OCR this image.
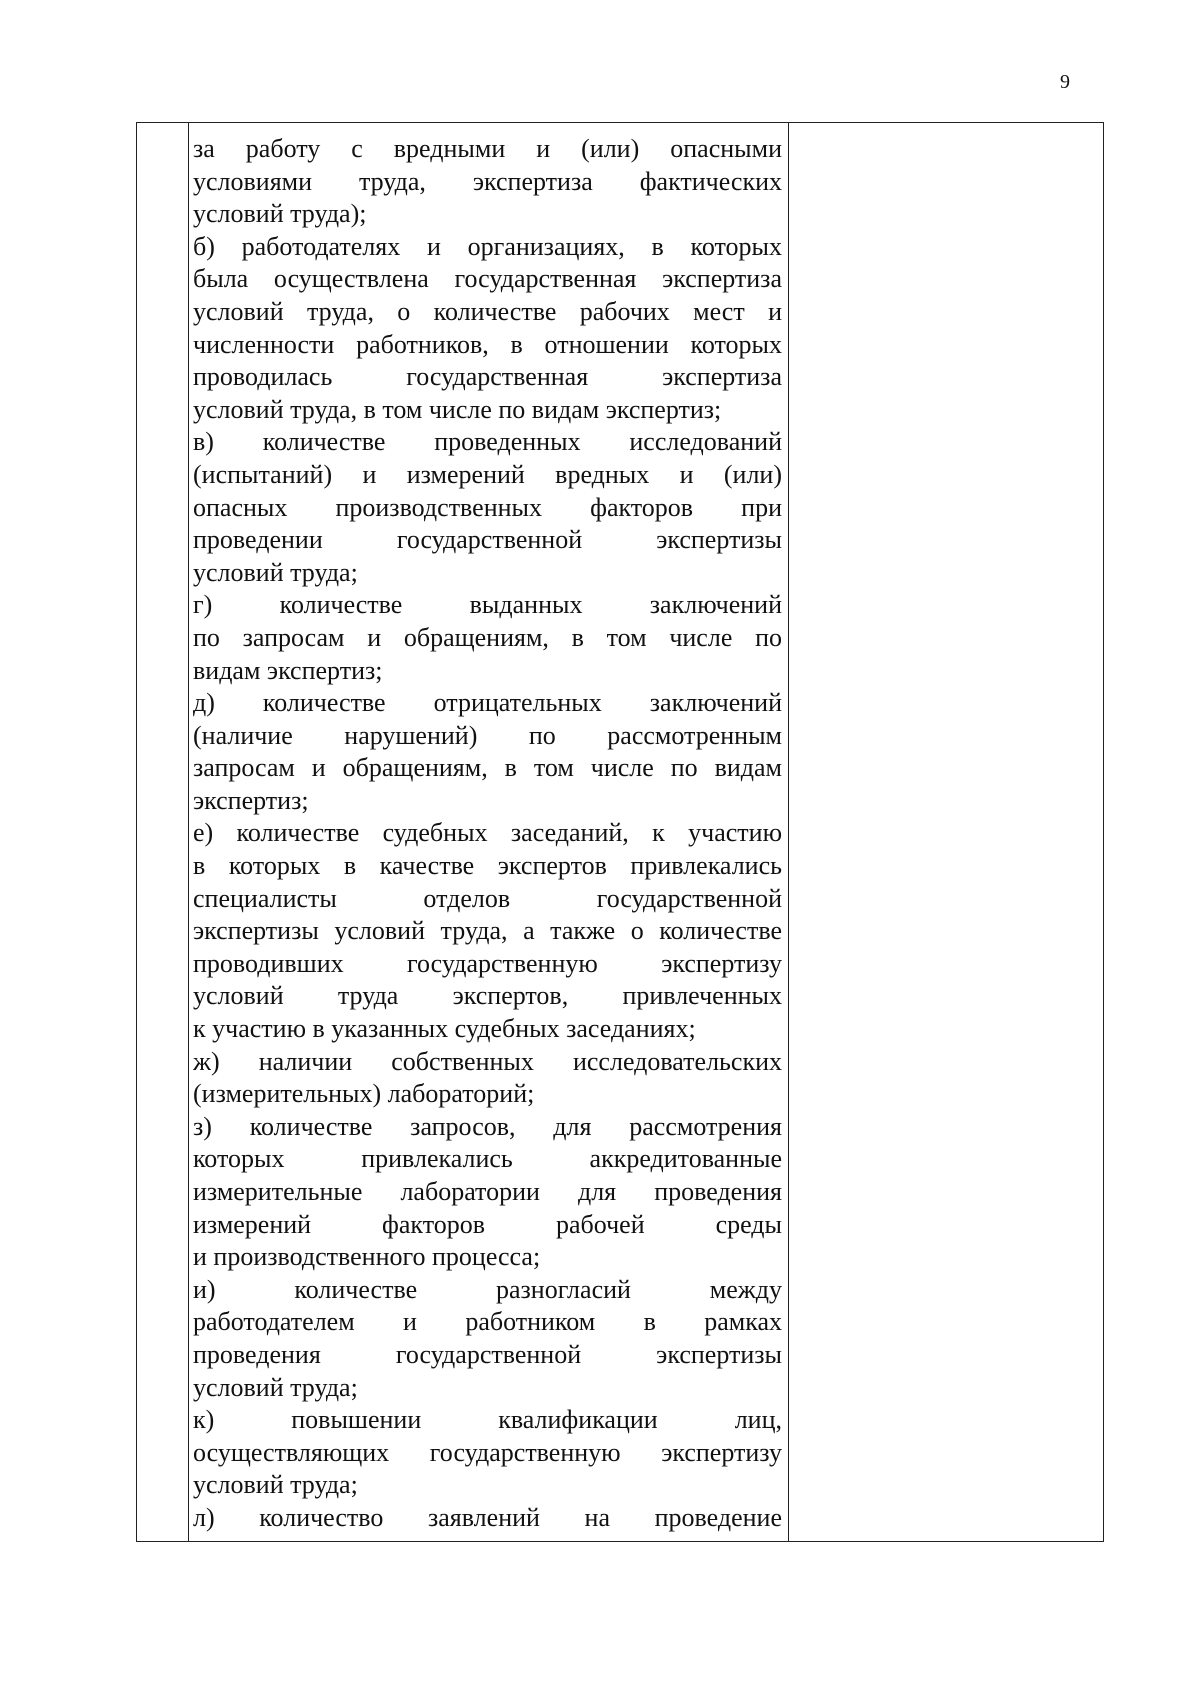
9
за работу с вредными и (или) опасными
условиями труда, экспертиза фактических
условий труда);
б) работодателях и организациях, в которых
была осуществлена государственная экспертиза
условий труда, о количестве рабочих мест и
численности работников, в отношении которых
проводилась государственная экспертиза
условий труда, в том числе по видам экспертиз;
в) количестве проведенных исследований
(испытаний) и измерений вредных и (или)
опасных производственных факторов при
проведении государственной экспертизы
условий труда;
г) количестве выданных заключений
по запросам и обращениям, в том числе по
видам экспертиз;
д) количестве отрицательных заключений
(наличие нарушений) по рассмотренным
запросам и обращениям, в том числе по видам
экспертиз;
е) количестве судебных заседаний, к участию
в которых в качестве экспертов привлекались
специалисты отделов государственной
экспертизы условий труда, а также о количестве
проводивших государственную экспертизу
условий труда экспертов, привлеченных
к участию в указанных судебных заседаниях;
ж) наличии собственных исследовательских
(измерительных) лабораторий;
з) количестве запросов, для рассмотрения
которых привлекались аккредитованные
измерительные лаборатории для проведения
измерений факторов рабочей среды
и производственного процесса;
и) количестве разногласий между
работодателем и работником в рамках
проведения государственной экспертизы
условий труда;
к) повышении квалификации лиц,
осуществляющих государственную экспертизу
условий труда;
л) количество заявлений на проведение
